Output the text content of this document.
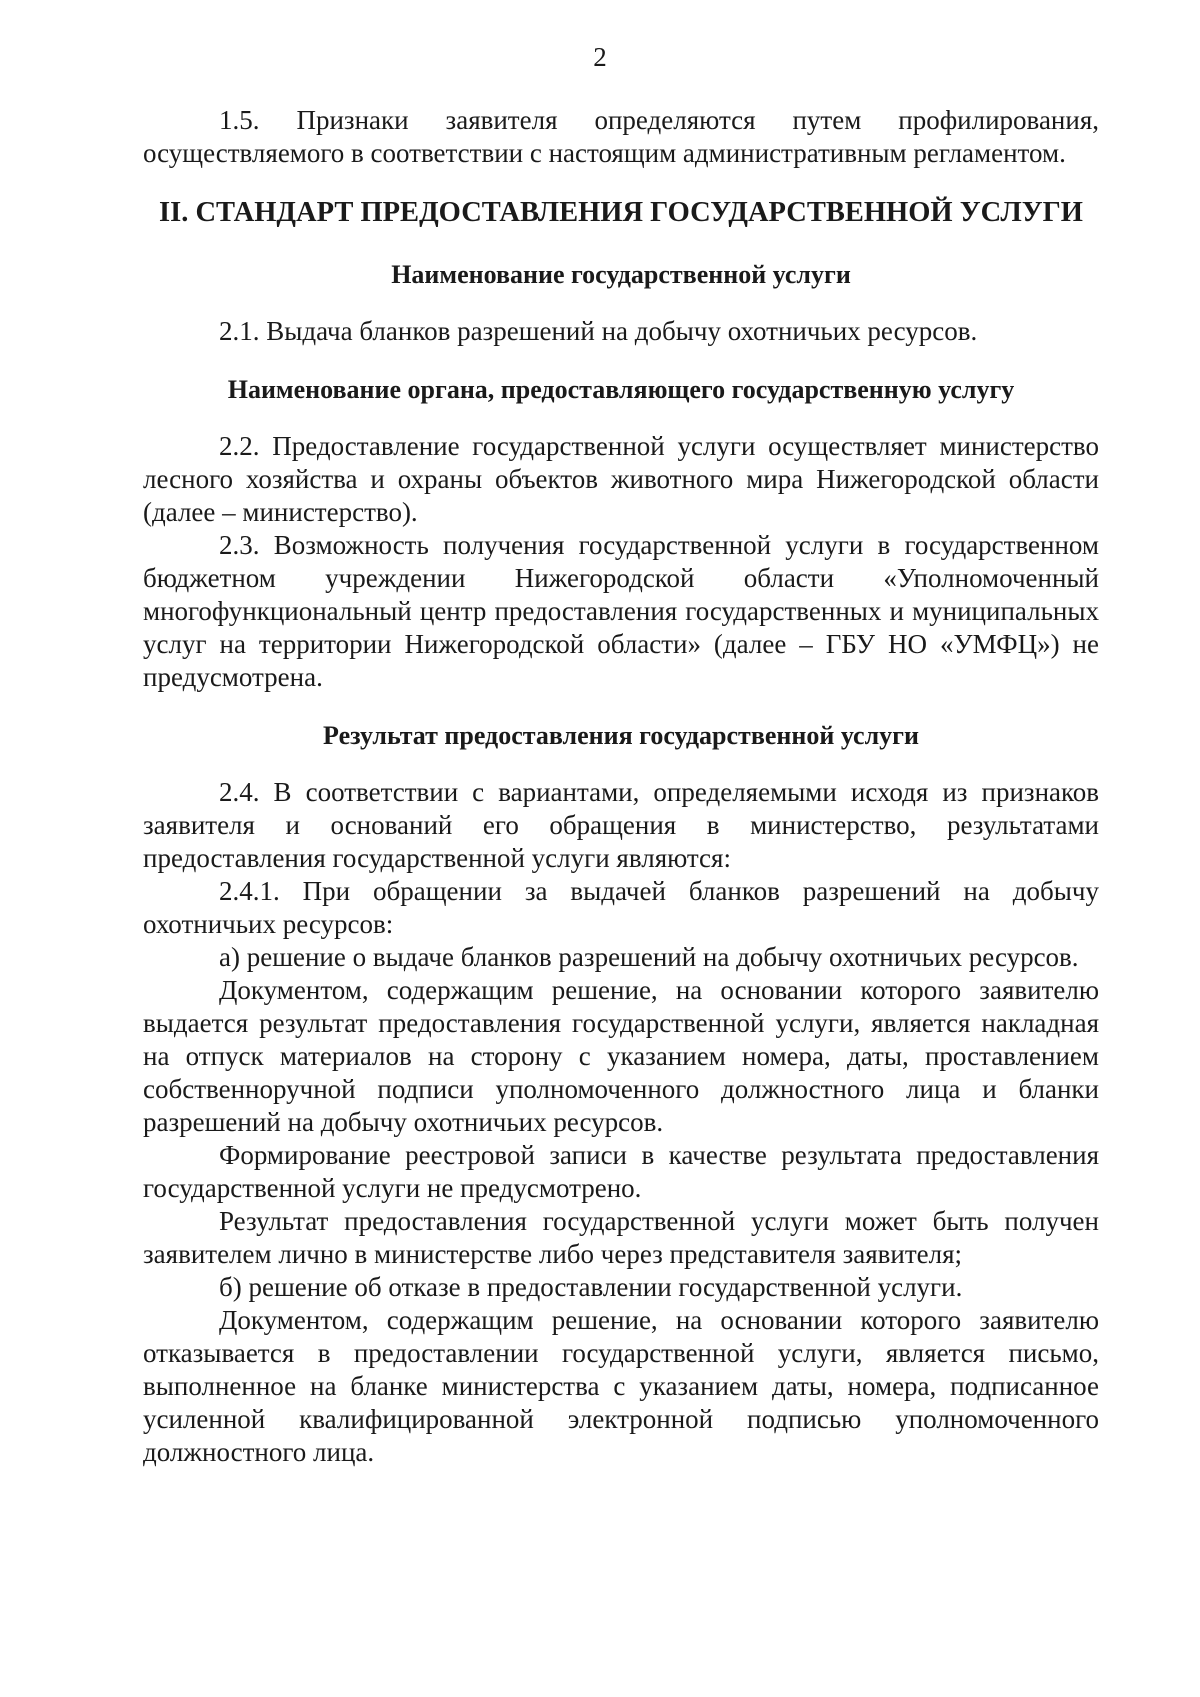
2

1.5. Признаки заявителя определяются путем профилирования, осуществляемого в соответствии с настоящим административным регламентом.

II. СТАНДАРТ ПРЕДОСТАВЛЕНИЯ ГОСУДАРСТВЕННОЙ УСЛУГИ

Наименование государственной услуги

2.1. Выдача бланков разрешений на добычу охотничьих ресурсов.

Наименование органа, предоставляющего государственную услугу

2.2. Предоставление государственной услуги осуществляет министерство лесного хозяйства и охраны объектов животного мира Нижегородской области (далее – министерство).

2.3. Возможность получения государственной услуги в государственном бюджетном учреждении Нижегородской области «Уполномоченный многофункциональный центр предоставления государственных и муниципальных услуг на территории Нижегородской области» (далее – ГБУ НО «УМФЦ») не предусмотрена.

Результат предоставления государственной услуги

2.4. В соответствии с вариантами, определяемыми исходя из признаков заявителя и оснований его обращения в министерство, результатами предоставления государственной услуги являются:

2.4.1. При обращении за выдачей бланков разрешений на добычу охотничьих ресурсов:

а) решение о выдаче бланков разрешений на добычу охотничьих ресурсов.

Документом, содержащим решение, на основании которого заявителю выдается результат предоставления государственной услуги, является накладная на отпуск материалов на сторону с указанием номера, даты, проставлением собственноручной подписи уполномоченного должностного лица и бланки разрешений на добычу охотничьих ресурсов.

Формирование реестровой записи в качестве результата предоставления государственной услуги не предусмотрено.

Результат предоставления государственной услуги может быть получен заявителем лично в министерстве либо через представителя заявителя;

б) решение об отказе в предоставлении государственной услуги.

Документом, содержащим решение, на основании которого заявителю отказывается в предоставлении государственной услуги, является письмо, выполненное на бланке министерства с указанием даты, номера, подписанное усиленной квалифицированной электронной подписью уполномоченного должностного лица.
